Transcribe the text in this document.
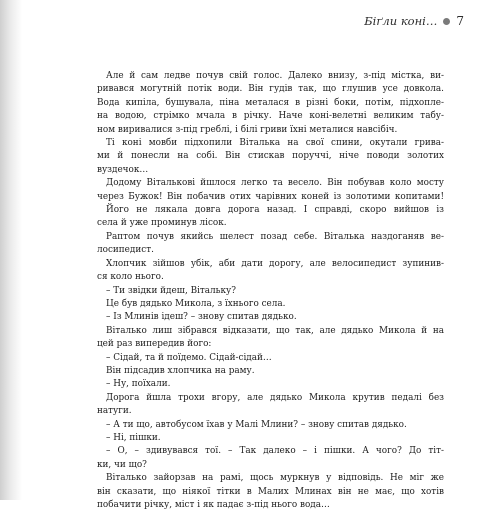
Біґли коні… 7
Але й сам ледве почув свій голос. Далеко внизу, з-під містка, ви-
ривався могутній потік води. Він гудів так, що глушив усе довкола.
Вода кипіла, бушувала, піна металася в різні боки, потім, підхопле-
на водою, стрімко мчала в річку. Наче коні-велетні великим табу-
ном виривалися з-під греблі, і білі гриви їхні металися навсібіч.
Ті коні мовби підхопили Віталька на свої спини, окутали грива-
ми й понесли на собі. Він стискав поруччі, ніче поводи золотих
вуздечок…
Додому Віталькові йшлося легко та весело. Він побував коло мосту
через Бужок! Він побачив отих чарівних коней із золотими копитами!
Його не лякала довга дорога назад. І справді, скоро вийшов із
села й уже проминув лісок.
Раптом почув якийсь шелест позад себе. Віталька наздоганяв ве-
лосипедист.
Хлопчик зійшов убік, аби дати дорогу, але велосипедист зупинив-
ся коло нього.
– Ти звідки йдеш, Вітальку?
Це був дядько Микола, з їхнього села.
– Із Млинів ідеш? – знову спитав дядько.
Віталько лиш зібрався відказати, що так, але дядько Микола й на
цей раз випередив його:
– Сідай, та й поїдемо. Сідай-сідай…
Він підсадив хлопчика на раму.
– Ну, поїхали.
Дорога йшла трохи вгору, але дядько Микола крутив педалі без
натуги.
– А ти що, автобусом їхав у Малі Млини? – знову спитав дядько.
– Ні, пішки.
– О, – здивувався тої. – Так далеко – і пішки. А чого? До тіт-
ки, чи що?
Віталько зайорзав на рамі, щось муркнув у відповідь. Не міг же
він сказати, що ніякої тітки в Малих Млинах він не має, що хотів
побачити річку, міст і як падає з-під нього вода…
